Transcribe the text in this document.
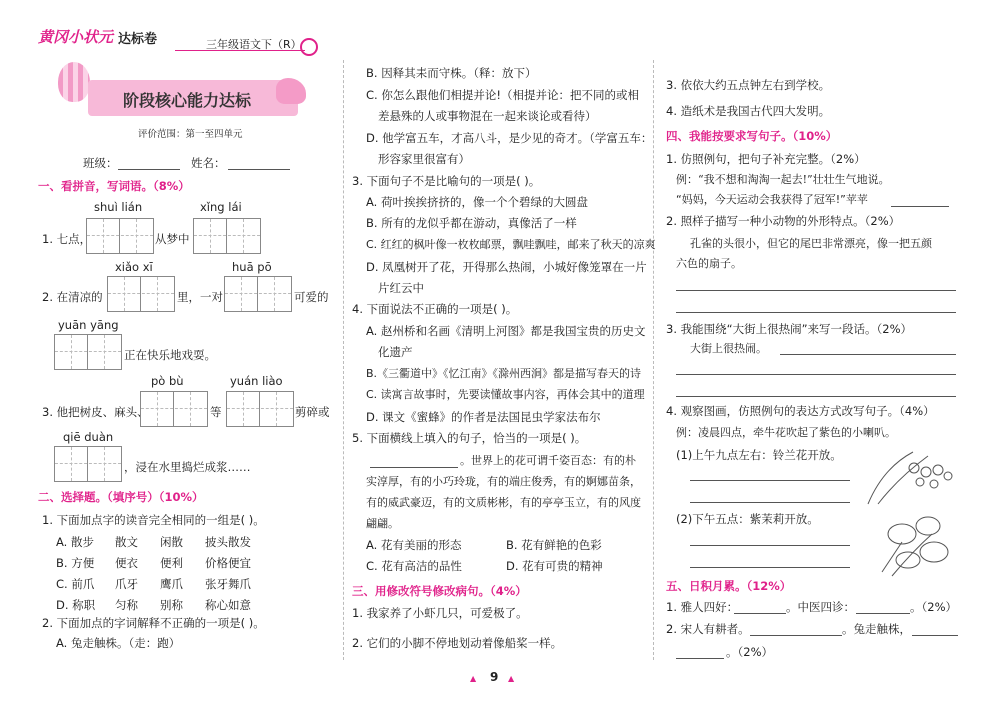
黄冈小状元 达标卷	三年级语文下（R）
阶段核心能力达标
评价范围：第一至四单元
班级：	姓名：
一、看拼音，写词语。（8%）
shuì lián	xǐng lái
1. 七点，	从梦中
xiǎo xī	huā pō
2. 在清凉的	里，一对	可爱的
yuān yāng
正在快乐地戏耍。
pò bù	yuán liào
3. 他把树皮、麻头、	等	剪碎或
qiē duàn
，浸在水里捣烂成浆……
二、选择题。（填序号）（10%）
1. 下面加点字的读音完全相同的一组是( )。
A. 散步 散文 闲散 披头散发
B. 方便 便衣 便利 价格便宜
C. 前爪 爪牙 鹰爪 张牙舞爪
D. 称职 匀称 别称 称心如意
2. 下面加点的字词解释不正确的一项是( )。
A. 兔走触株。（走：跑）
B. 因释其耒而守株。（释：放下）
C. 你怎么跟他们相提并论!（相提并论：把不同的或相
差悬殊的人或事物混在一起来谈论或看待）
D. 他学富五车，才高八斗，是少见的奇才。（学富五车：
形容家里很富有）
3. 下面句子不是比喻句的一项是( )。
A. 荷叶挨挨挤挤的，像一个个碧绿的大圆盘
B. 所有的龙似乎都在游动，真像活了一样
C. 红红的枫叶像一枚枚邮票，飘哇飘哇，邮来了秋天的凉爽
D. 凤凰树开了花，开得那么热闹，小城好像笼罩在一片
片红云中
4. 下面说法不正确的一项是( )。
A. 赵州桥和名画《清明上河图》都是我国宝贵的历史文
化遗产
B.《三衢道中》《忆江南》《滁州西涧》都是描写春天的诗
C. 读寓言故事时，先要读懂故事内容，再体会其中的道理
D. 课文《蜜蜂》的作者是法国昆虫学家法布尔
5. 下面横线上填入的句子，恰当的一项是( )。
。世界上的花可谓千姿百态：有的朴
实淳厚，有的小巧玲珑，有的端庄俊秀，有的婀娜苗条，
有的威武豪迈，有的文质彬彬，有的亭亭玉立，有的风度
翩翩。
A. 花有美丽的形态	B. 花有鲜艳的色彩
C. 花有高洁的品性	D. 花有可贵的精神
三、用修改符号修改病句。（4%）
1. 我家养了小虾几只，可爱极了。
2. 它们的小脚不停地划动着像船桨一样。
3. 依依大约五点钟左右到学校。
4. 造纸术是我国古代四大发明。
四、我能按要求写句子。（10%）
1. 仿照例句，把句子补充完整。（2%）
例：“我不想和淘淘一起去!”壮壮生气地说。
“妈妈，今天运动会我获得了冠军!”苹苹
2. 照样子描写一种小动物的外形特点。（2%）
孔雀的头很小，但它的尾巴非常漂亮，像一把五颜
六色的扇子。
3. 我能围绕“大街上很热闹”来写一段话。（2%）
大街上很热闹。
4. 观察图画，仿照例句的表达方式改写句子。（4%）
例：凌晨四点，牵牛花吹起了紫色的小喇叭。
(1)上午九点左右：铃兰花开放。
(2)下午五点：紫茉莉开放。
五、日积月累。（12%）
1. 雅人四好：	。中医四诊：	。（2%）
2. 宋人有耕者。	。兔走触株，
。（2%）
9
▲	▲
